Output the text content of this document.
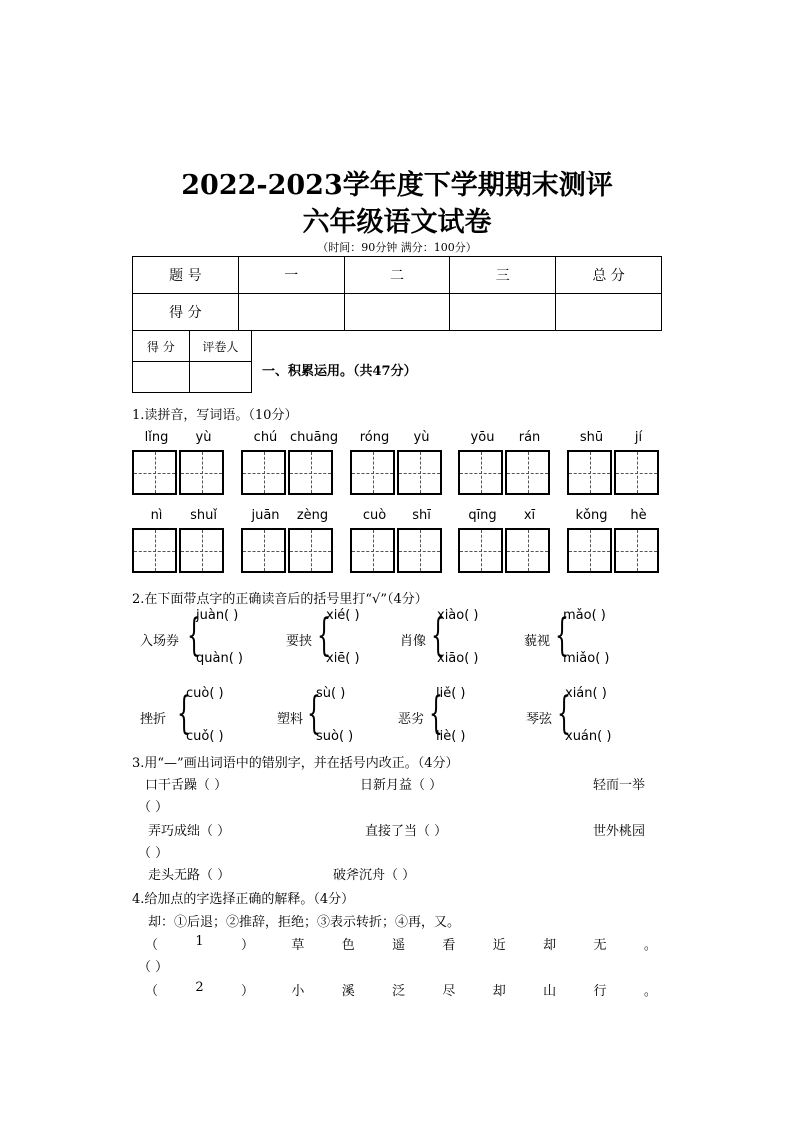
2022-2023学年度下学期期末测评
六年级语文试卷
（时间：90分钟 满分：100分）
题 号	一	二	三	总 分
得 分				
得 分	评卷人

一、积累运用。（共47分）
1.读拼音，写词语。（10分）
lǐng	yù	chú chuāng	róng	yù	yōu	rán	shū	jí
nì	shuǐ	juān	zèng	cuò	shī	qīng	xī	kǒng	hè
2.在下面带点字的正确读音后的括号里打“√”（4分）
入场券 {
juàn( )
quàn( )
要挟 {
xié( )
xiē( )
肖像 {
xiào( )
xiāo( )
藐视 {
mǎo( )
miǎo( )
挫折 {
cuò( )
cuǒ( )
塑料 {
sù( )
suò( )
恶劣 {
liě( )
liè( )
琴弦 {
xián( )
xuán( )
3.用“—”画出词语中的错别字，并在括号内改正。（4分）
口干舌躁（ ）	日新月益（ ）	轻而一举
（ ）
弄巧成绌（ ）	直接了当（ ）	世外桃园
（ ）
走头无路（ ）	破斧沉舟（ ）
4.给加点的字选择正确的解释。（4分）
却：①后退；②推辞，拒绝；③表示转折；④再，又。
（	1	）	草	色	遥	看	近	却	无	。
（ ）
（	2	）	小	溪	泛	尽	却	山	行	。
